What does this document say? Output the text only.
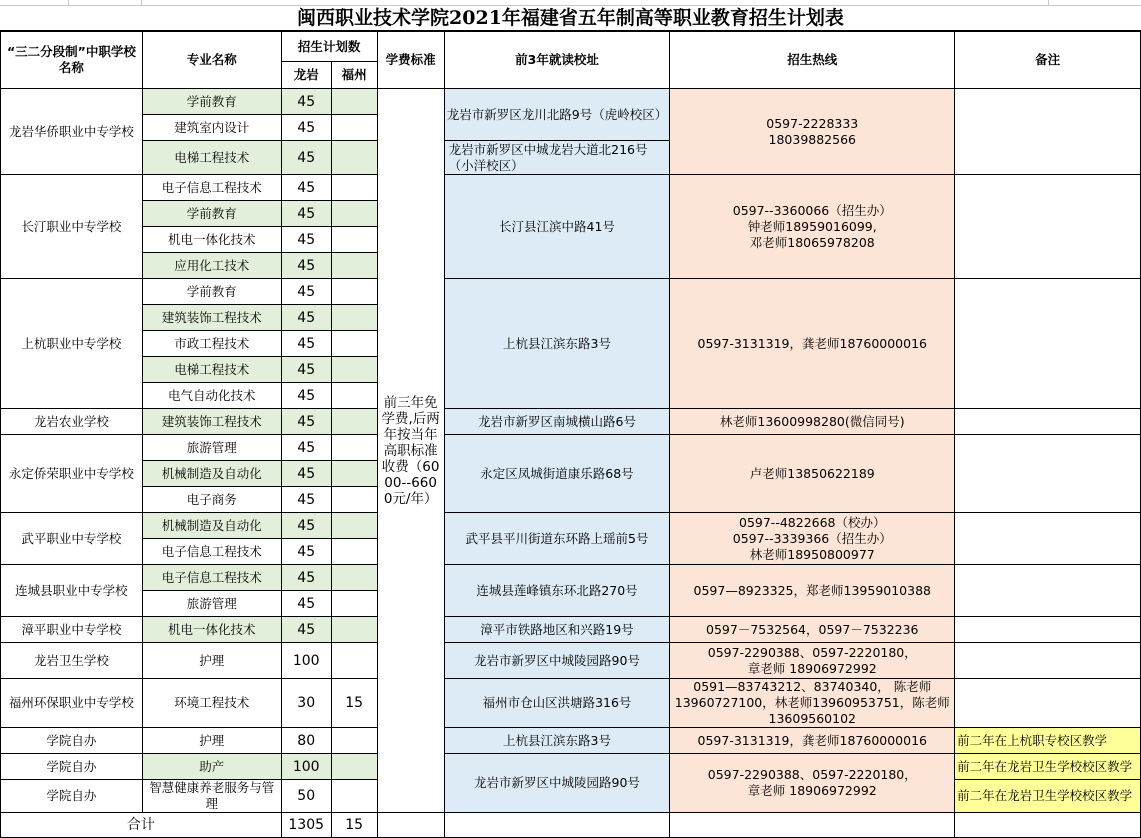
闽西职业技术学院2021年福建省五年制高等职业教育招生计划表
“三二分段制”中职学校名称	专业名称	招生计划数		学费标准	前3年就读校址	招生热线	备注
		龙岩	福州				
龙岩华侨职业中专学校	学前教育	45		前三年免学费,后两年按当年高职标准收费（6000--6600元/年）	龙岩市新罗区龙川北路9号（虎岭校区）	0597-2228333
18039882566	

	建筑室内设计	45					
	电梯工程技术	45			龙岩市新罗区中城龙岩大道北216号（小洋校区）		
长汀职业中专学校	电子信息工程技术	45			长汀县江滨中路41号	0597--3360066（招生办）
钟老师18959016099,
邓老师18065978208	

	学前教育	45					
	机电一体化技术	45					
	应用化工技术	45					
上杭职业中专学校	学前教育	45			上杭县江滨东路3号	0597-3131319，龚老师18760000016	

	建筑装饰工程技术	45					
	市政工程技术	45					
	电梯工程技术	45					
	电气自动化技术	45					
龙岩农业学校	建筑装饰工程技术	45			龙岩市新罗区南城横山路6号	林老师13600998280(微信同号)	

永定侨荣职业中专学校	旅游管理	45			永定区凤城街道康乐路68号	卢老师13850622189	

	机械制造及自动化	45					
	电子商务	45					
武平职业中专学校	机械制造及自动化	45			武平县平川街道东环路上瑶前5号	0597--4822668（校办）
0597--3339366（招生办）
林老师18950800977	

	电子信息工程技术	45					
连城县职业中专学校	电子信息工程技术	45			连城县莲峰镇东环北路270号	0597—8923325，郑老师13959010388	

	旅游管理	45					
漳平职业中专学校	机电一体化技术	45			漳平市铁路地区和兴路19号	0597－7532564，0597－7532236	

龙岩卫生学校	护理	100			龙岩市新罗区中城陵园路90号	0597-2290388、0597-2220180，
章老师 18906972992	

福州环保职业中专学校	环境工程技术	30	15		福州市仓山区洪塘路316号	0591—83743212、83740340， 陈老师
13960727100，林老师13960953751，陈老师
13609560102	

学院自办	护理	80			上杭县江滨东路3号	0597-3131319，龚老师18760000016	前二年在上杭职专校区教学
学院自办	助产	100			龙岩市新罗区中城陵园路90号	0597-2290388、0597-2220180，
章老师 18906972992	前二年在龙岩卫生学校校区教学
学院自办	智慧健康养老服务与管理	50					前二年在龙岩卫生学校校区教学
合计		1305	15				
